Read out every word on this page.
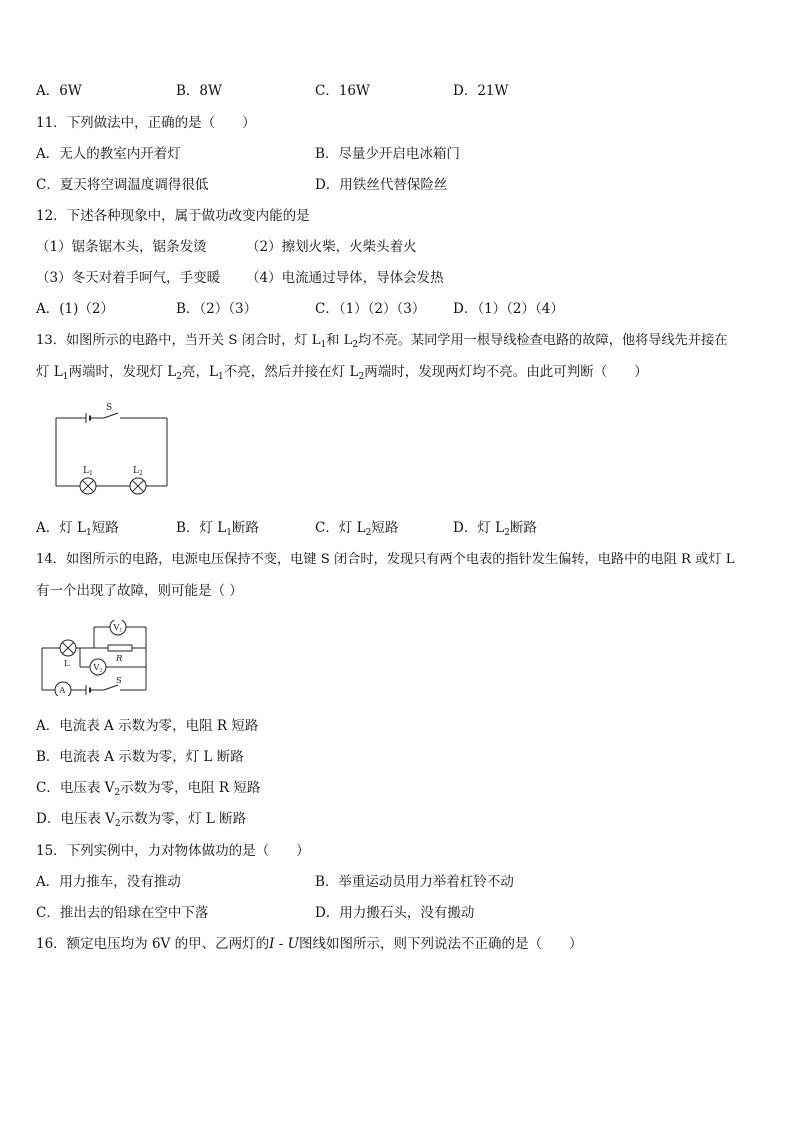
A．6W	B．8W	C．16W	D．21W
11．下列做法中，正确的是（　　）
A．无人的教室内开着灯	B．尽量少开启电冰箱门
C．夏天将空调温度调得很低	D．用铁丝代替保险丝
12．下述各种现象中，属于做功改变内能的是
（1）锯条锯木头，锯条发烫	（2）擦划火柴，火柴头着火
（3）冬天对着手呵气，手变暖 （4）电流通过导体，导体会发热
A．(1)（2）	B．（2）（3）	C．（1）（2）（3） D．（1）（2）（4）
13．如图所示的电路中，当开关 S 闭合时，灯 $L_1$和 $L_2$均不亮。某同学用一根导线检查电路的故障，他将导线先并接在
灯 $L_1$两端时，发现灯 $L_2$亮，$L_1$不亮，然后并接在灯 $L_2$两端时，发现两灯均不亮。由此可判断（　　）
S
$L_1$	$L_2$
A．灯 $L_1$短路	B．灯 $L_1$断路	C．灯 $L_2$短路	D．灯 $L_2$断路
14．如图所示的电路，电源电压保持不变，电键 S 闭合时，发现只有两个电表的指针发生偏转，电路中的电阻 R 或灯 L
有一个出现了故障，则可能是（ ）
V1
V2
R
L
A
S
A．电流表 A 示数为零，电阻 R 短路
B．电流表 A 示数为零，灯 L 断路
C．电压表 $V_2$示数为零，电阻 R 短路
D．电压表 $V_2$示数为零，灯 L 断路
15．下列实例中，力对物体做功的是（　　）
A．用力推车，没有推动	B．举重运动员用力举着杠铃不动
C．推出去的铅球在空中下落	D．用力搬石头，没有搬动
16．额定电压均为 6V 的甲、乙两灯的I - U图线如图所示，则下列说法不正确的是（　　）
